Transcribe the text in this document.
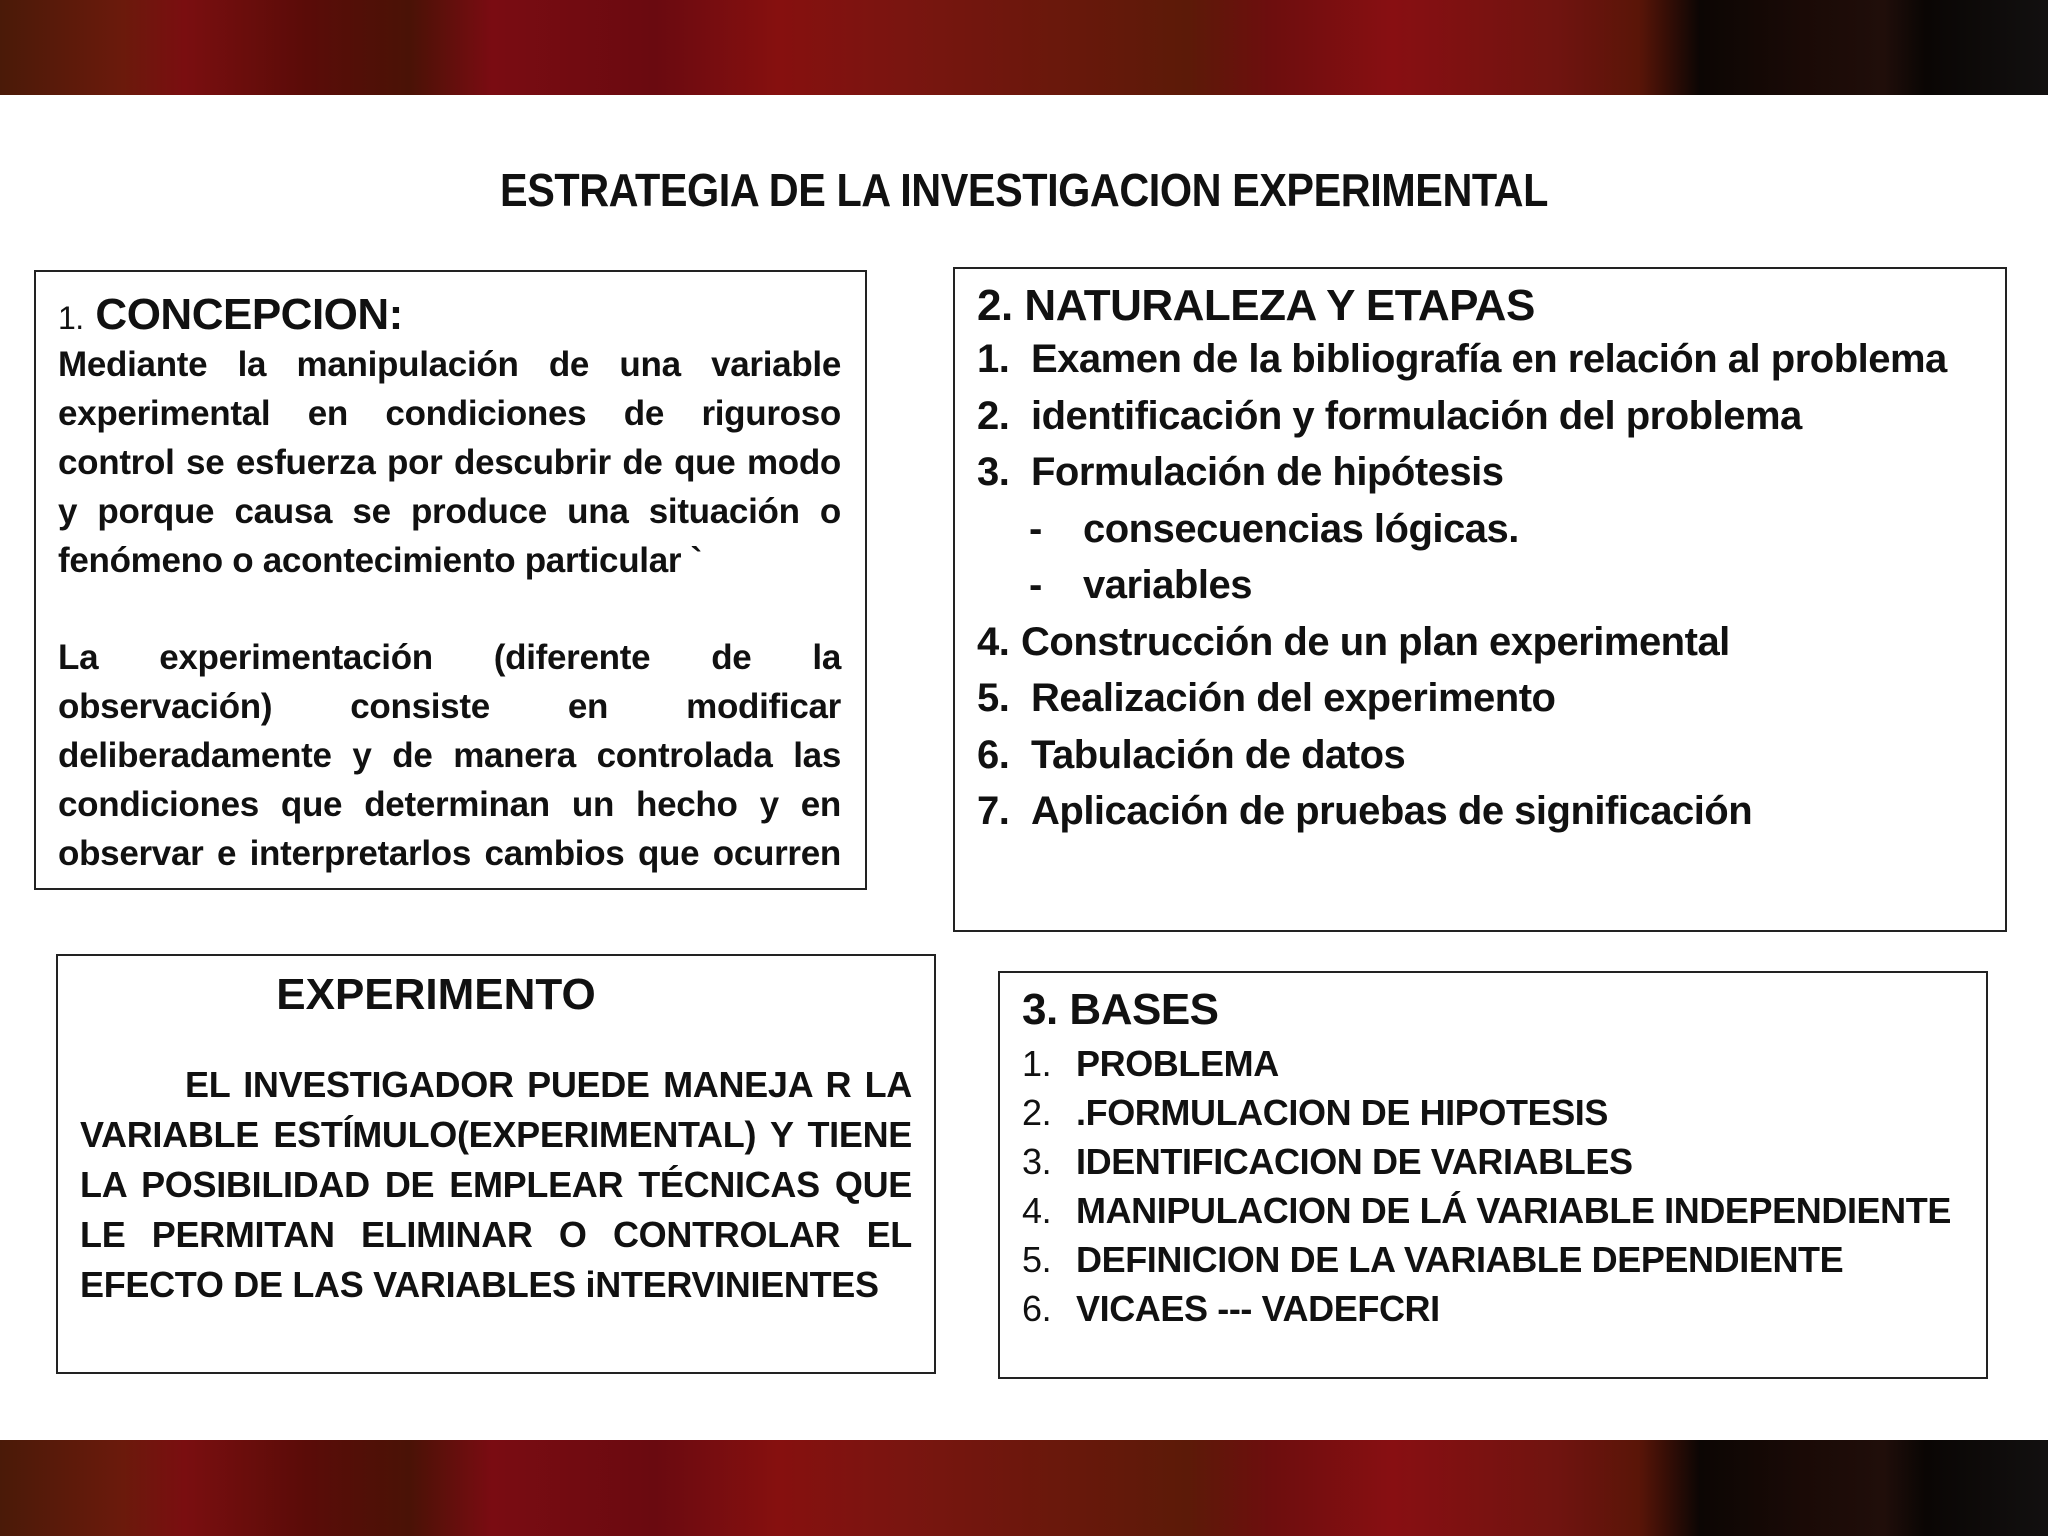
ESTRATEGIA DE LA INVESTIGACION EXPERIMENTAL
1. CONCEPCION:

Mediante la manipulación de una variable experimental en condiciones de riguroso control se esfuerza por descubrir de que modo y porque causa se produce una situación o fenómeno o acontecimiento particular `

La experimentación (diferente de la observación) consiste en modificar deliberadamente y de manera controlada las condiciones que determinan un hecho y en observar e interpretarlos cambios que ocurren

2. NATURALEZA Y ETAPAS
1. Examen de la bibliografía en relación al problema
2. identificación y formulación del problema
3. Formulación de hipótesis
- consecuencias lógicas.
- variables
4. Construcción de un plan experimental
5. Realización del experimento
6. Tabulación de datos
7. Aplicación de pruebas de significación
EXPERIMENTO
EL INVESTIGADOR PUEDE MANEJA R LA VARIABLE ESTÍMULO(EXPERIMENTAL) Y TIENE LA POSIBILIDAD DE EMPLEAR TÉCNICAS QUE LE PERMITAN ELIMINAR O CONTROLAR EL EFECTO DE LAS VARIABLES iNTERVINIENTES
3. BASES
1. PROBLEMA
2. .FORMULACION DE HIPOTESIS
3. IDENTIFICACION DE VARIABLES
4. MANIPULACION DE LÁ VARIABLE INDEPENDIENTE
5. DEFINICION DE LA VARIABLE DEPENDIENTE
6. VICAES --- VADEFCRI
